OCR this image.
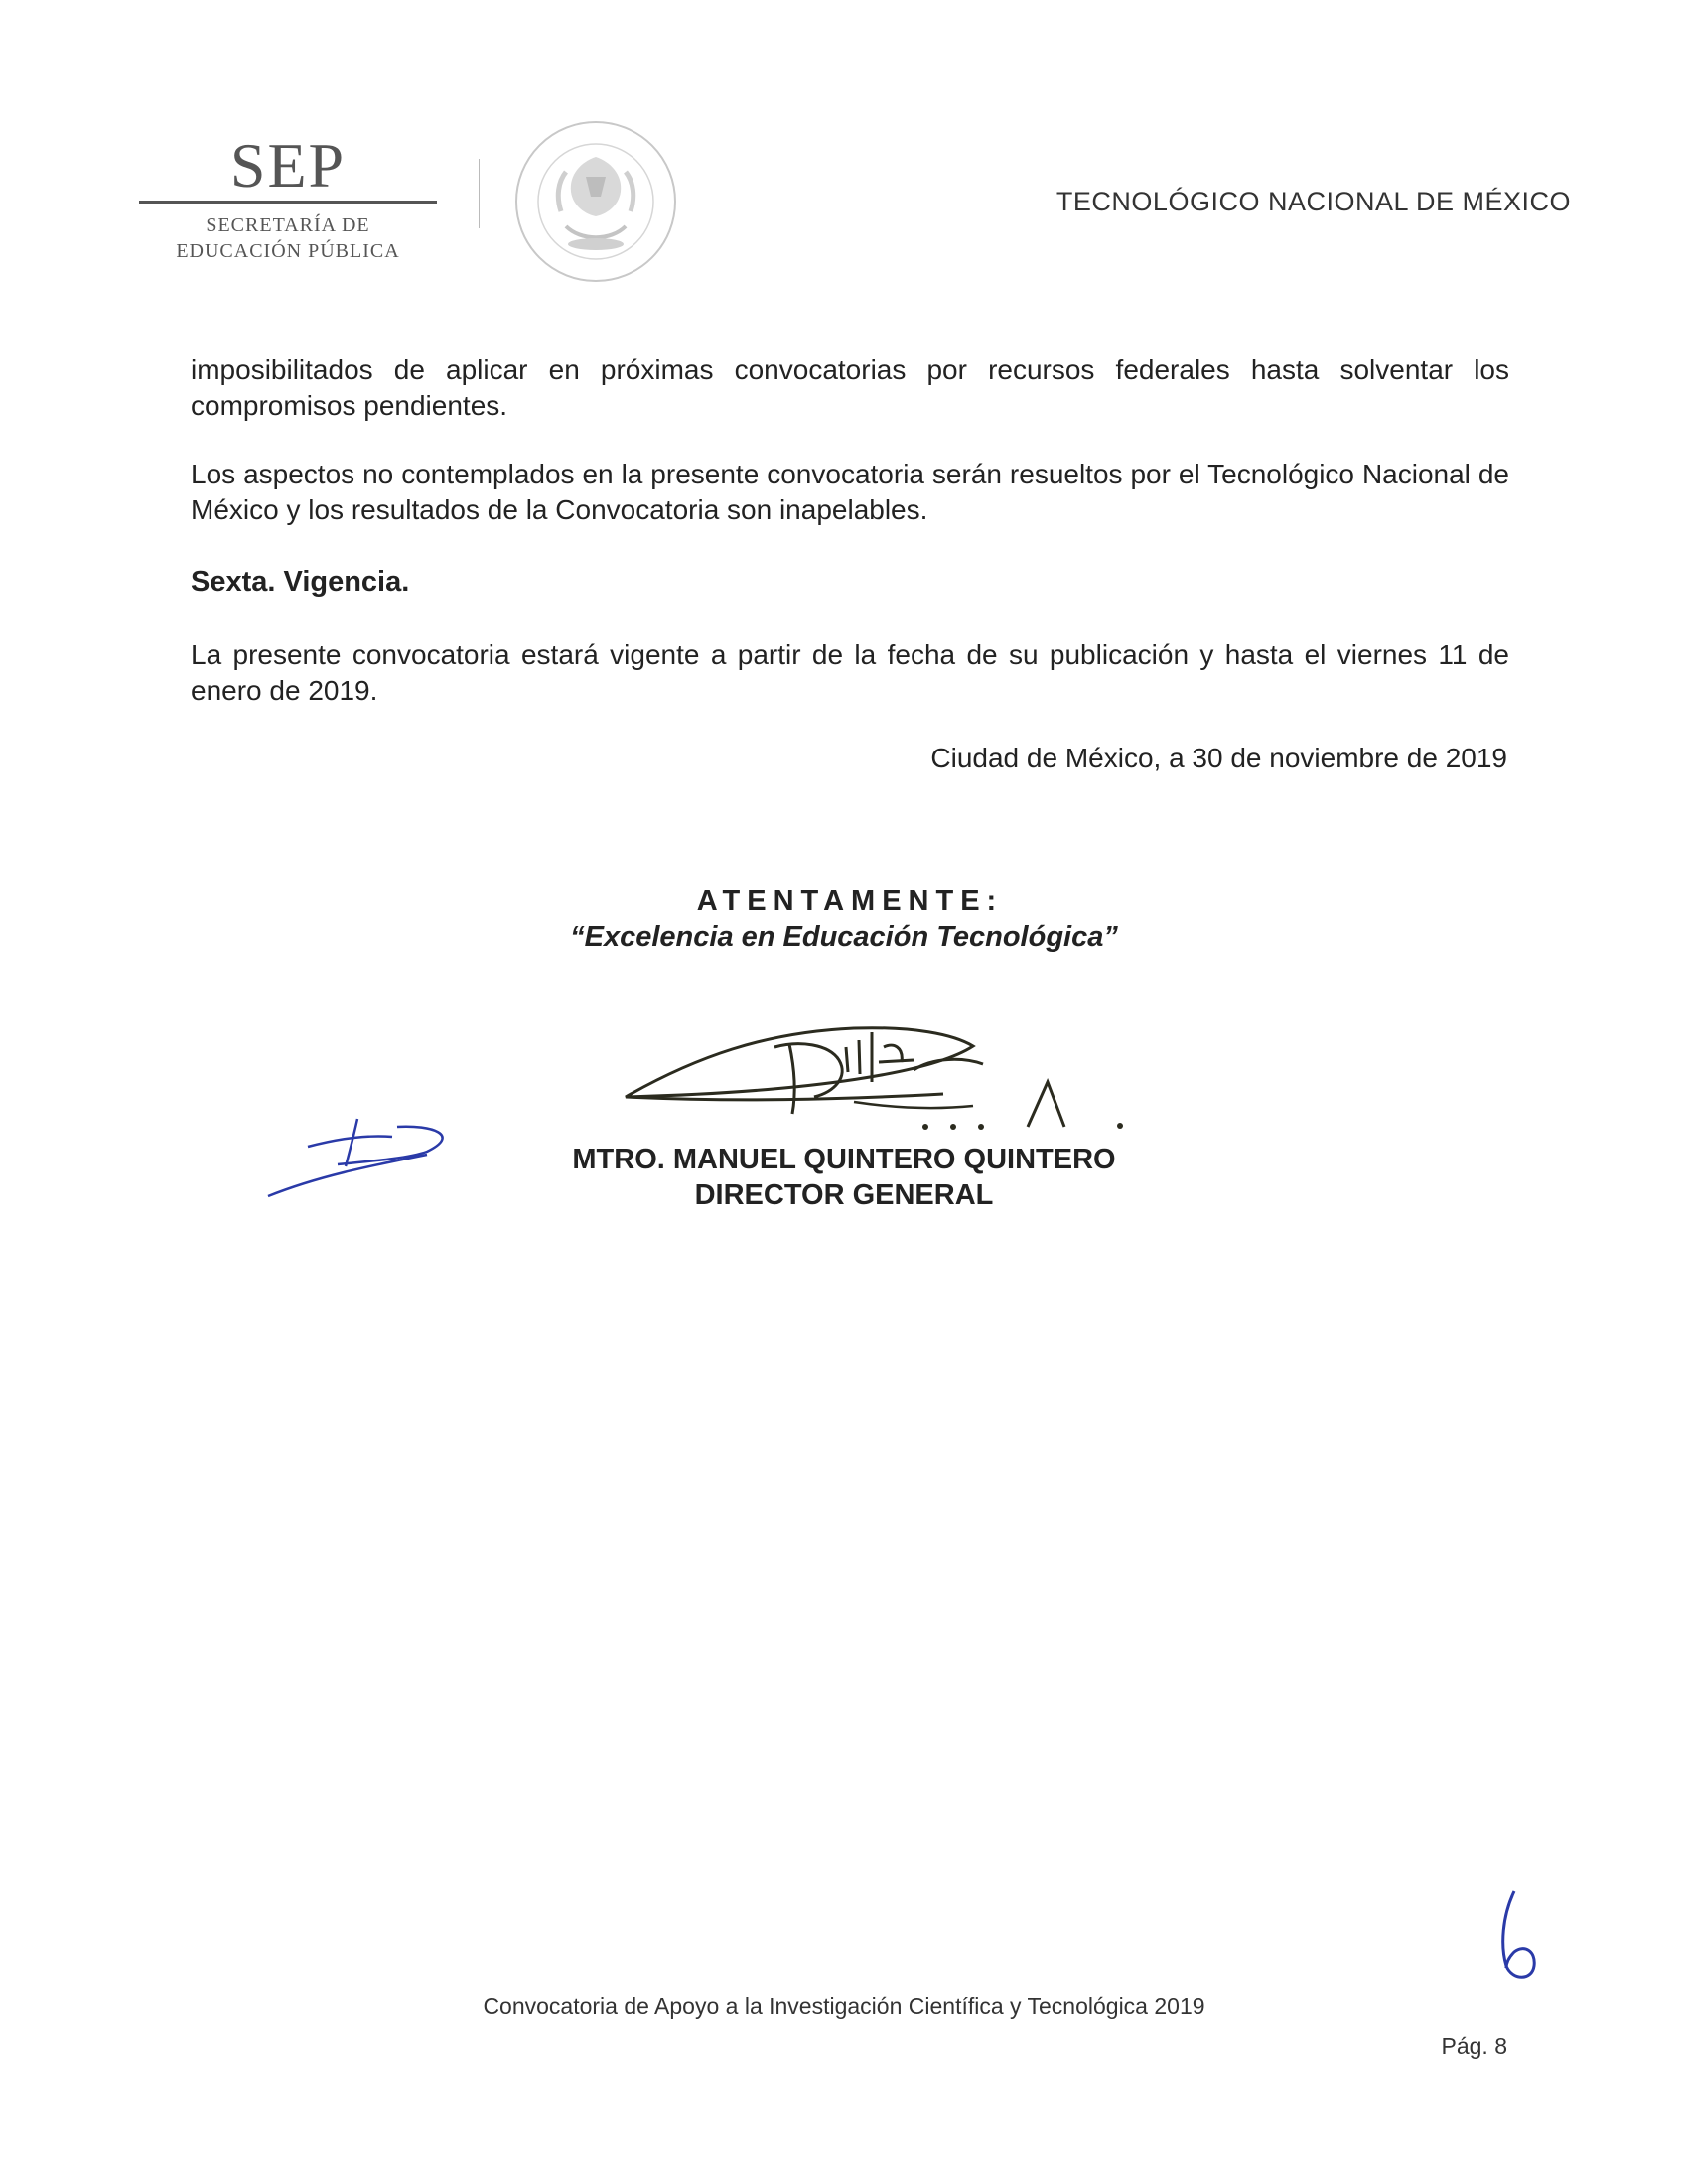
SEP
SECRETARÍA DE
EDUCACIÓN PÚBLICA
TECNOLÓGICO NACIONAL DE MÉXICO
imposibilitados de aplicar en próximas convocatorias por recursos federales hasta solventar los compromisos pendientes.
Los aspectos no contemplados en la presente convocatoria serán resueltos por el Tecnológico Nacional de México y los resultados de la Convocatoria son inapelables.
Sexta. Vigencia.
La presente convocatoria estará vigente a partir de la fecha de su publicación y hasta el viernes 11 de enero de 2019.
Ciudad de México, a 30 de noviembre de 2019
ATENTAMENTE:
“Excelencia en Educación Tecnológica”
MTRO. MANUEL QUINTERO QUINTERO
DIRECTOR GENERAL
Convocatoria de Apoyo a la Investigación Científica y Tecnológica 2019
Pág. 8
